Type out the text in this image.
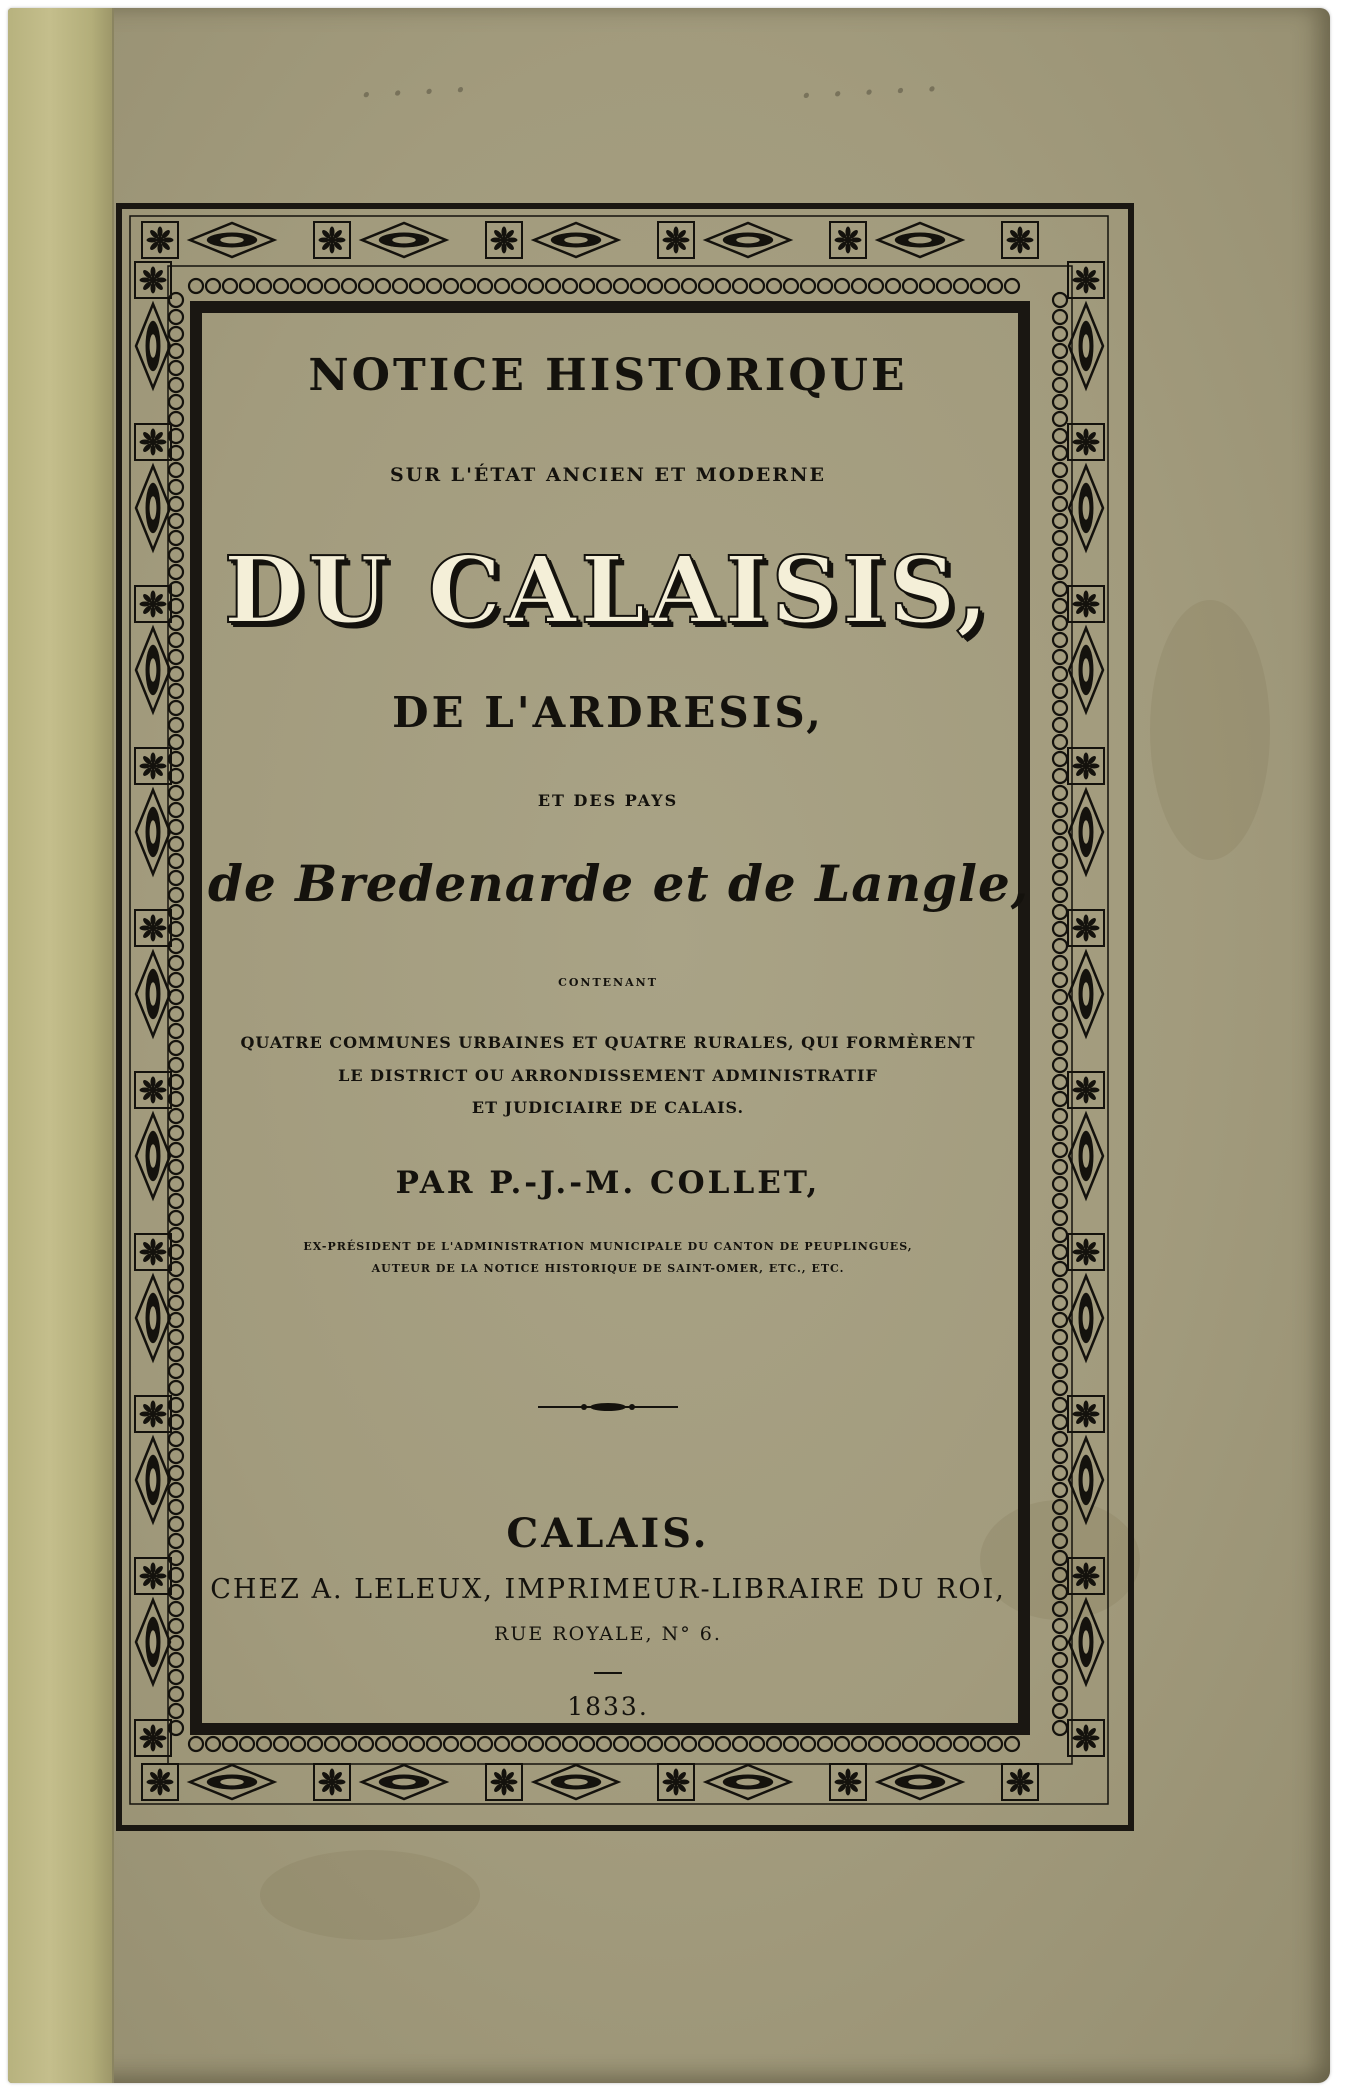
· · · ·	· · · · ·
NOTICE HISTORIQUE
SUR L'ÉTAT ANCIEN ET MODERNE
DU CALAISIS,
DE L'ARDRESIS,
ET DES PAYS
de Bredenarde et de Langle,
CONTENANT
QUATRE COMMUNES URBAINES ET QUATRE RURALES, QUI FORMÈRENT
LE DISTRICT OU ARRONDISSEMENT ADMINISTRATIF
ET JUDICIAIRE DE CALAIS.
PAR P.-J.-M. COLLET,
EX-PRÉSIDENT DE L'ADMINISTRATION MUNICIPALE DU CANTON DE PEUPLINGUES,
AUTEUR DE LA NOTICE HISTORIQUE DE SAINT-OMER, ETC., ETC.
CALAIS.
CHEZ A. LELEUX, IMPRIMEUR-LIBRAIRE DU ROI,
RUE ROYALE, N° 6.
1833.
